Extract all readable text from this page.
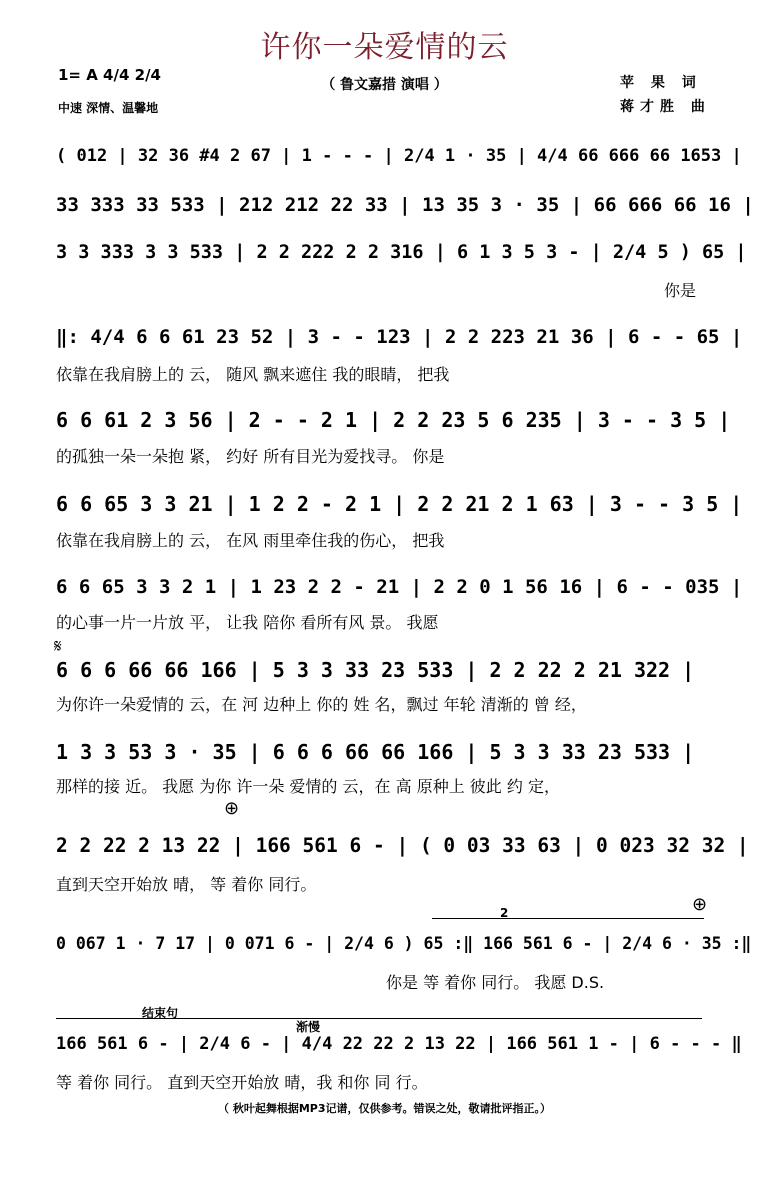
许你一朵爱情的云
1= A 4/4 2/4
中速 深情、温馨地
（ 鲁文嘉措 演唱 ）	苹 果 词
蒋才胜 曲
( 012 | 32 36 #4 2 67 | 1 - - - | 2/4 1 · 35 | 4/4 66 666 66 1653 |
33 333 33 533 | 212 212 22 33 | 13 35 3 · 35 | 66 666 66 16 |
3 3 333 3 3 533 | 2 2 222 2 2 316 | 6 1 3 5 3 - | 2/4 5 ) 65 |
你是
‖: 4/4 6 6 61 23 52 | 3 - - 123 | 2 2 223 21 36 | 6 - - 65 |
依靠在我肩膀上的 云， 随风 飘来遮住 我的眼睛， 把我
6 6 61 2 3 56 | 2 - - 2 1 | 2 2 23 5 6 235 | 3 - - 3 5 |
的孤独一朵一朵抱 紧， 约好 所有目光为爱找寻。 你是
6 6 65 3 3 21 | 1 2 2 - 2 1 | 2 2 21 2 1 63 | 3 - - 3 5 |
依靠在我肩膀上的 云， 在风 雨里牵住我的伤心， 把我
6 6 65 3 3 2 1 | 1 23 2 2 - 21 | 2 2 0 1 56 16 | 6 - - 035 |
的心事一片一片放 平， 让我 陪你 看所有风 景。 我愿
𝄋
6 6 6 66 66 166 | 5 3 3 33 23 533 | 2 2 22 2 21 322 |
为你许一朵爱情的 云，在 河 边种上 你的 姓 名，飘过 年轮 清渐的 曾 经，
1 3 3 53 3 · 35 | 6 6 6 66 66 166 | 5 3 3 33 23 533 |
那样的接 近。 我愿 为你 许一朵 爱情的 云，在 高 原种上 彼此 约 定，
⊕
2 2 22 2 13 22 | 166 561 6 - | ( 0 03 33 63 | 0 023 32 32 |
直到天空开始放 晴， 等 着你 同行。
2	⊕
0 067 1 · 7 17 | 0 071 6 - | 2/4 6 ) 65 :‖ 166 561 6 - | 2/4 6 · 35 :‖
你是 等 着你 同行。 我愿 D.S.
结束句
渐慢
166 561 6 - | 2/4 6 - | 4/4 22 22 2 13 22 | 166 561 1 - | 6 - - - ‖
等 着你 同行。 直到天空开始放 晴，我 和你 同 行。
（ 秋叶起舞根据MP3记谱，仅供参考。错误之处，敬请批评指正。）
